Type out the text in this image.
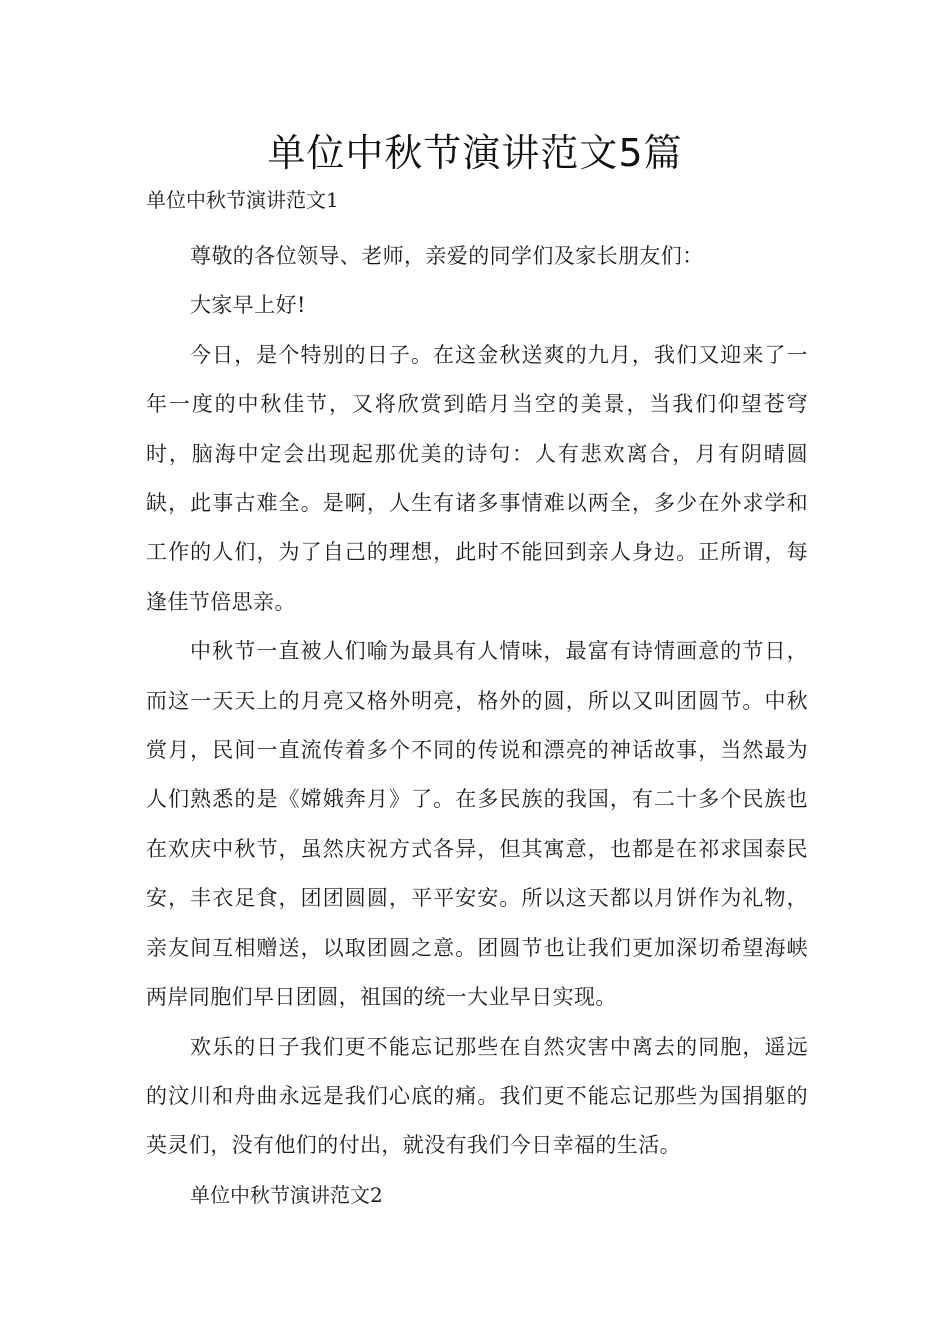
单位中秋节演讲范文5篇

单位中秋节演讲范文1

尊敬的各位领导、老师，亲爱的同学们及家长朋友们：

大家早上好!

今日，是个特别的日子。在这金秋送爽的九月，我们又迎来了一年一度的中秋佳节，又将欣赏到皓月当空的美景，当我们仰望苍穹时，脑海中定会出现起那优美的诗句：人有悲欢离合，月有阴晴圆缺，此事古难全。是啊，人生有诸多事情难以两全，多少在外求学和工作的人们，为了自己的理想，此时不能回到亲人身边。正所谓，每逢佳节倍思亲。

中秋节一直被人们喻为最具有人情味，最富有诗情画意的节日，而这一天天上的月亮又格外明亮，格外的圆，所以又叫团圆节。中秋赏月，民间一直流传着多个不同的传说和漂亮的神话故事，当然最为人们熟悉的是《嫦娥奔月》了。在多民族的我国，有二十多个民族也在欢庆中秋节，虽然庆祝方式各异，但其寓意，也都是在祁求国泰民安，丰衣足食，团团圆圆，平平安安。所以这天都以月饼作为礼物，亲友间互相赠送，以取团圆之意。团圆节也让我们更加深切希望海峡两岸同胞们早日团圆，祖国的统一大业早日实现。

欢乐的日子我们更不能忘记那些在自然灾害中离去的同胞，遥远的汶川和舟曲永远是我们心底的痛。我们更不能忘记那些为国捐躯的英灵们，没有他们的付出，就没有我们今日幸福的生活。

单位中秋节演讲范文2
